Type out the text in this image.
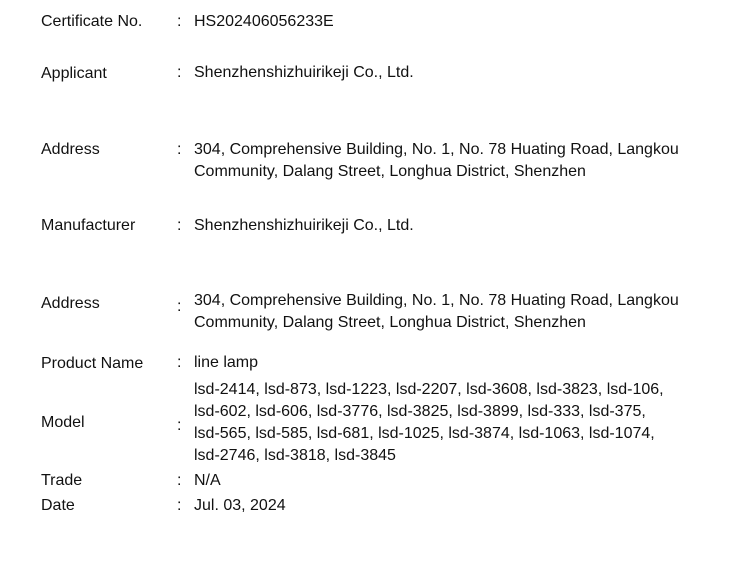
Certificate No. : HS202406056233E
Applicant	: Shenzhenshizhuirikeji Co., Ltd.
Address	: 304, Comprehensive Building, No. 1, No. 78 Huating Road, Langkou
Community, Dalang Street, Longhua District, Shenzhen
Manufacturer	: Shenzhenshizhuirikeji Co., Ltd.
Address	: 304, Comprehensive Building, No. 1, No. 78 Huating Road, Langkou
Community, Dalang Street, Longhua District, Shenzhen
Product Name : line lamp
Model	:
lsd-2414, lsd-873, lsd-1223, lsd-2207, lsd-3608, lsd-3823, lsd-106,
lsd-602, lsd-606, lsd-3776, lsd-3825, lsd-3899, lsd-333, lsd-375,
lsd-565, lsd-585, lsd-681, lsd-1025, lsd-3874, lsd-1063, lsd-1074,
lsd-2746, lsd-3818, lsd-3845
Trade	: N/A
Date	: Jul. 03, 2024
